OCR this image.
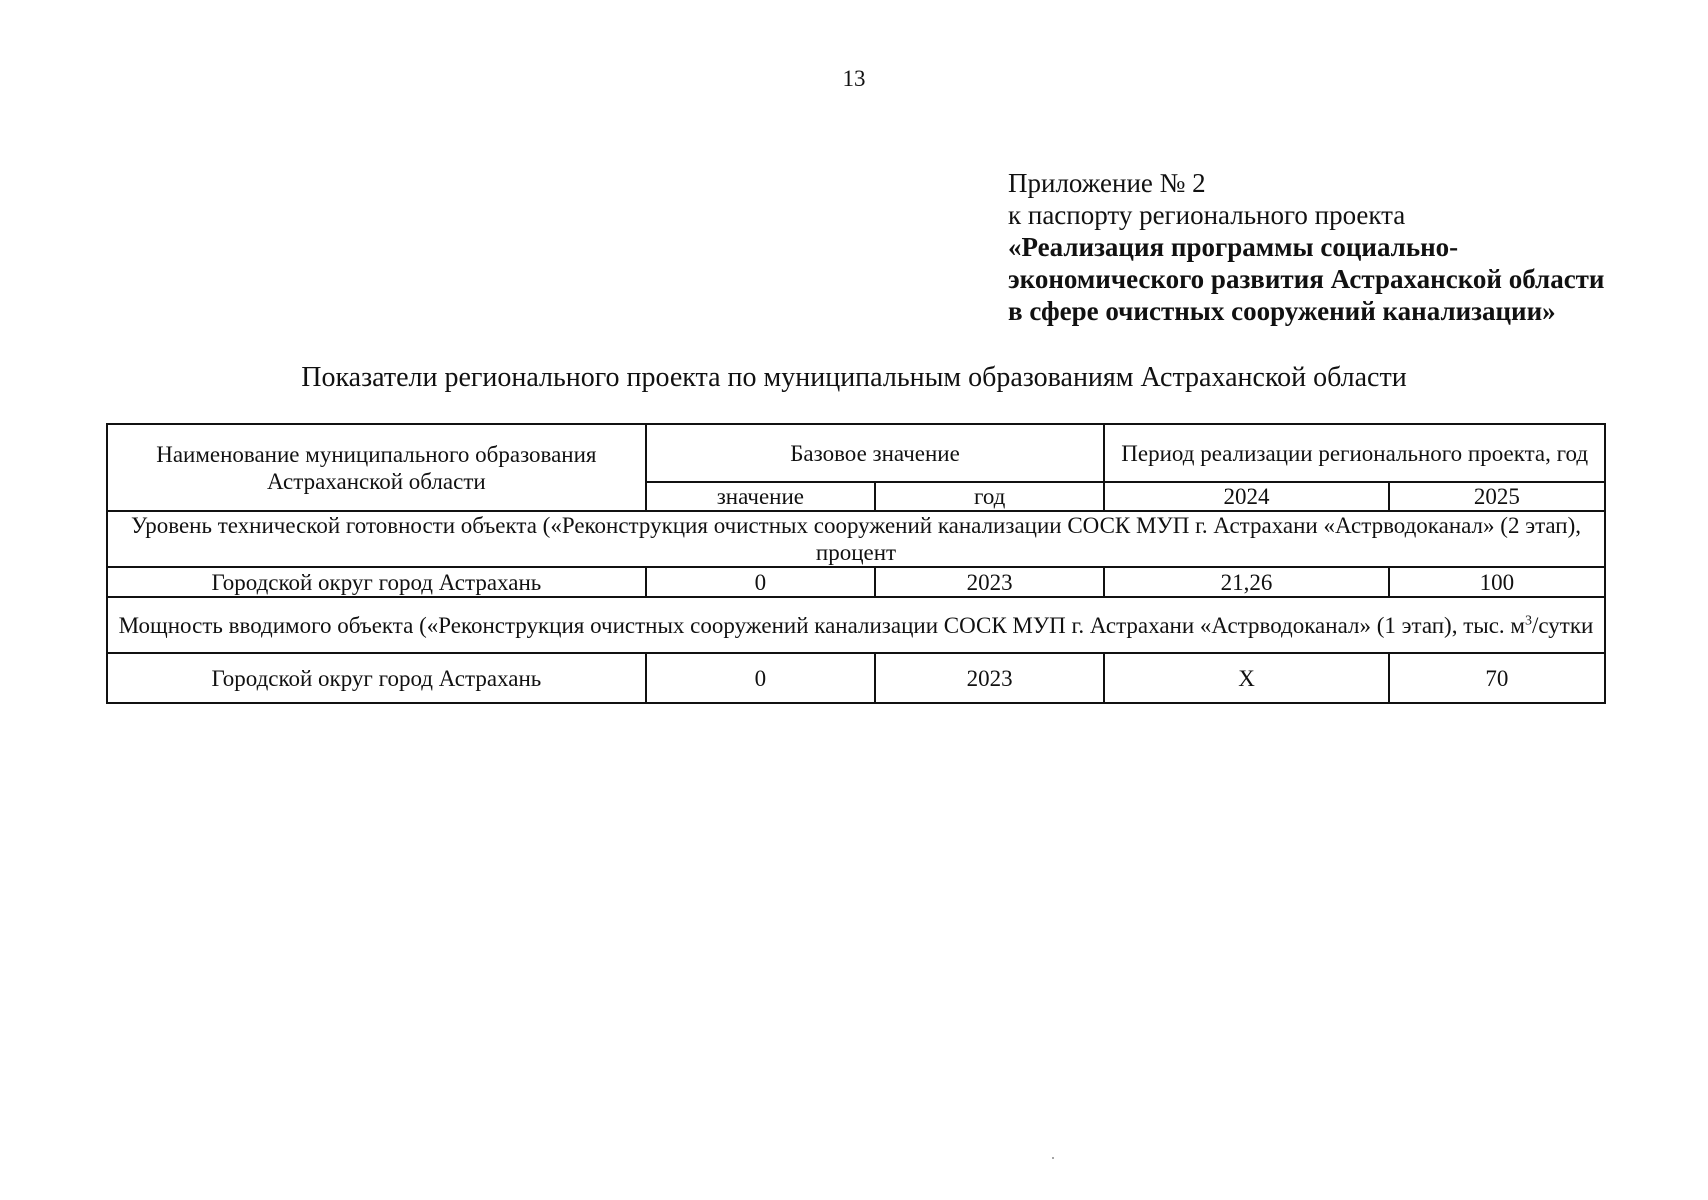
13
Приложение № 2
к паспорту регионального проекта
«Реализация программы социально-
экономического развития Астраханской области
в сфере очистных сооружений канализации»
Показатели регионального проекта по муниципальным образованиям Астраханской области
Наименование муниципального образования Астраханской области	Базовое значение		Период реализации регионального проекта, год	
	значение	год	2024	2025
Уровень технической готовности объекта («Реконструкция очистных сооружений канализации СОСК МУП г. Астрахани «Астрводоканал» (2 этап), процент				
Городской округ город Астрахань	0	2023	21,26	100
Мощность вводимого объекта («Реконструкция очистных сооружений канализации СОСК МУП г. Астрахани «Астрводоканал» (1 этап), тыс. $м^3$/сутки				
Городской округ город Астрахань	0	2023	Х	70
